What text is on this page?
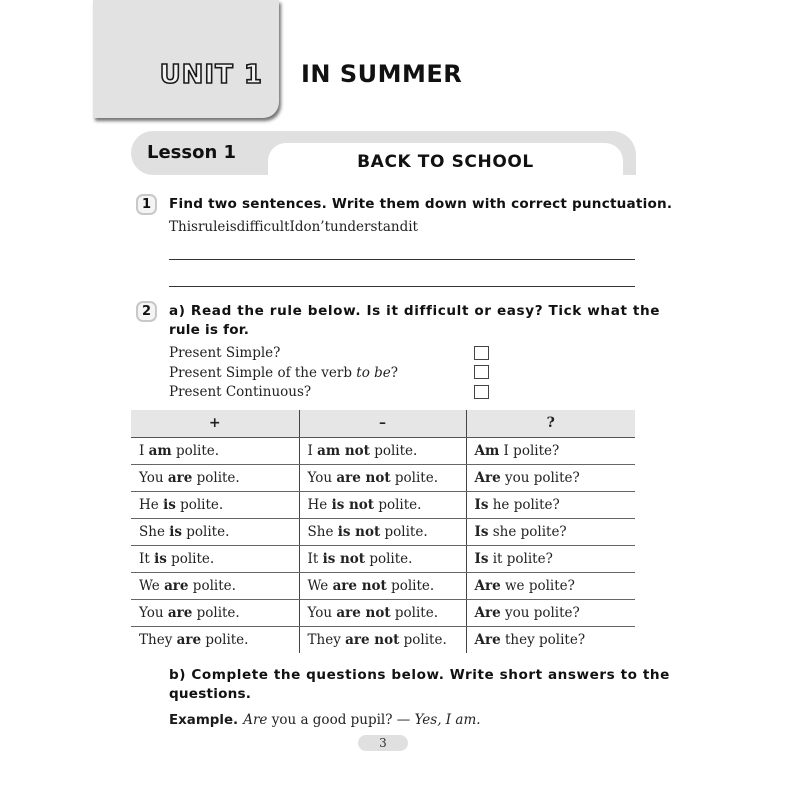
UNIT 1 IN SUMMER
Lesson 1	BACK TO SCHOOL
1	Find two sentences. Write them down with correct punctuation.
ThisruleisdifficultIdon’tunderstandit
2	a) Read the rule below. Is it difficult or easy? Tick what the
rule is for.
Present Simple?
Present Simple of the verb to be?
Present Continuous?
+	–	?
I am polite.	I am not polite.	Am I polite?
You are polite.	You are not polite.	Are you polite?
He is polite.	He is not polite.	Is he polite?
She is polite.	She is not polite.	Is she polite?
It is polite.	It is not polite.	Is it polite?
We are polite.	We are not polite.	Are we polite?
You are polite.	You are not polite.	Are you polite?
They are polite.	They are not polite.	Are they polite?
b) Complete the questions below. Write short answers to the
questions.
Example. Are you a good pupil? — Yes, I am.
3
